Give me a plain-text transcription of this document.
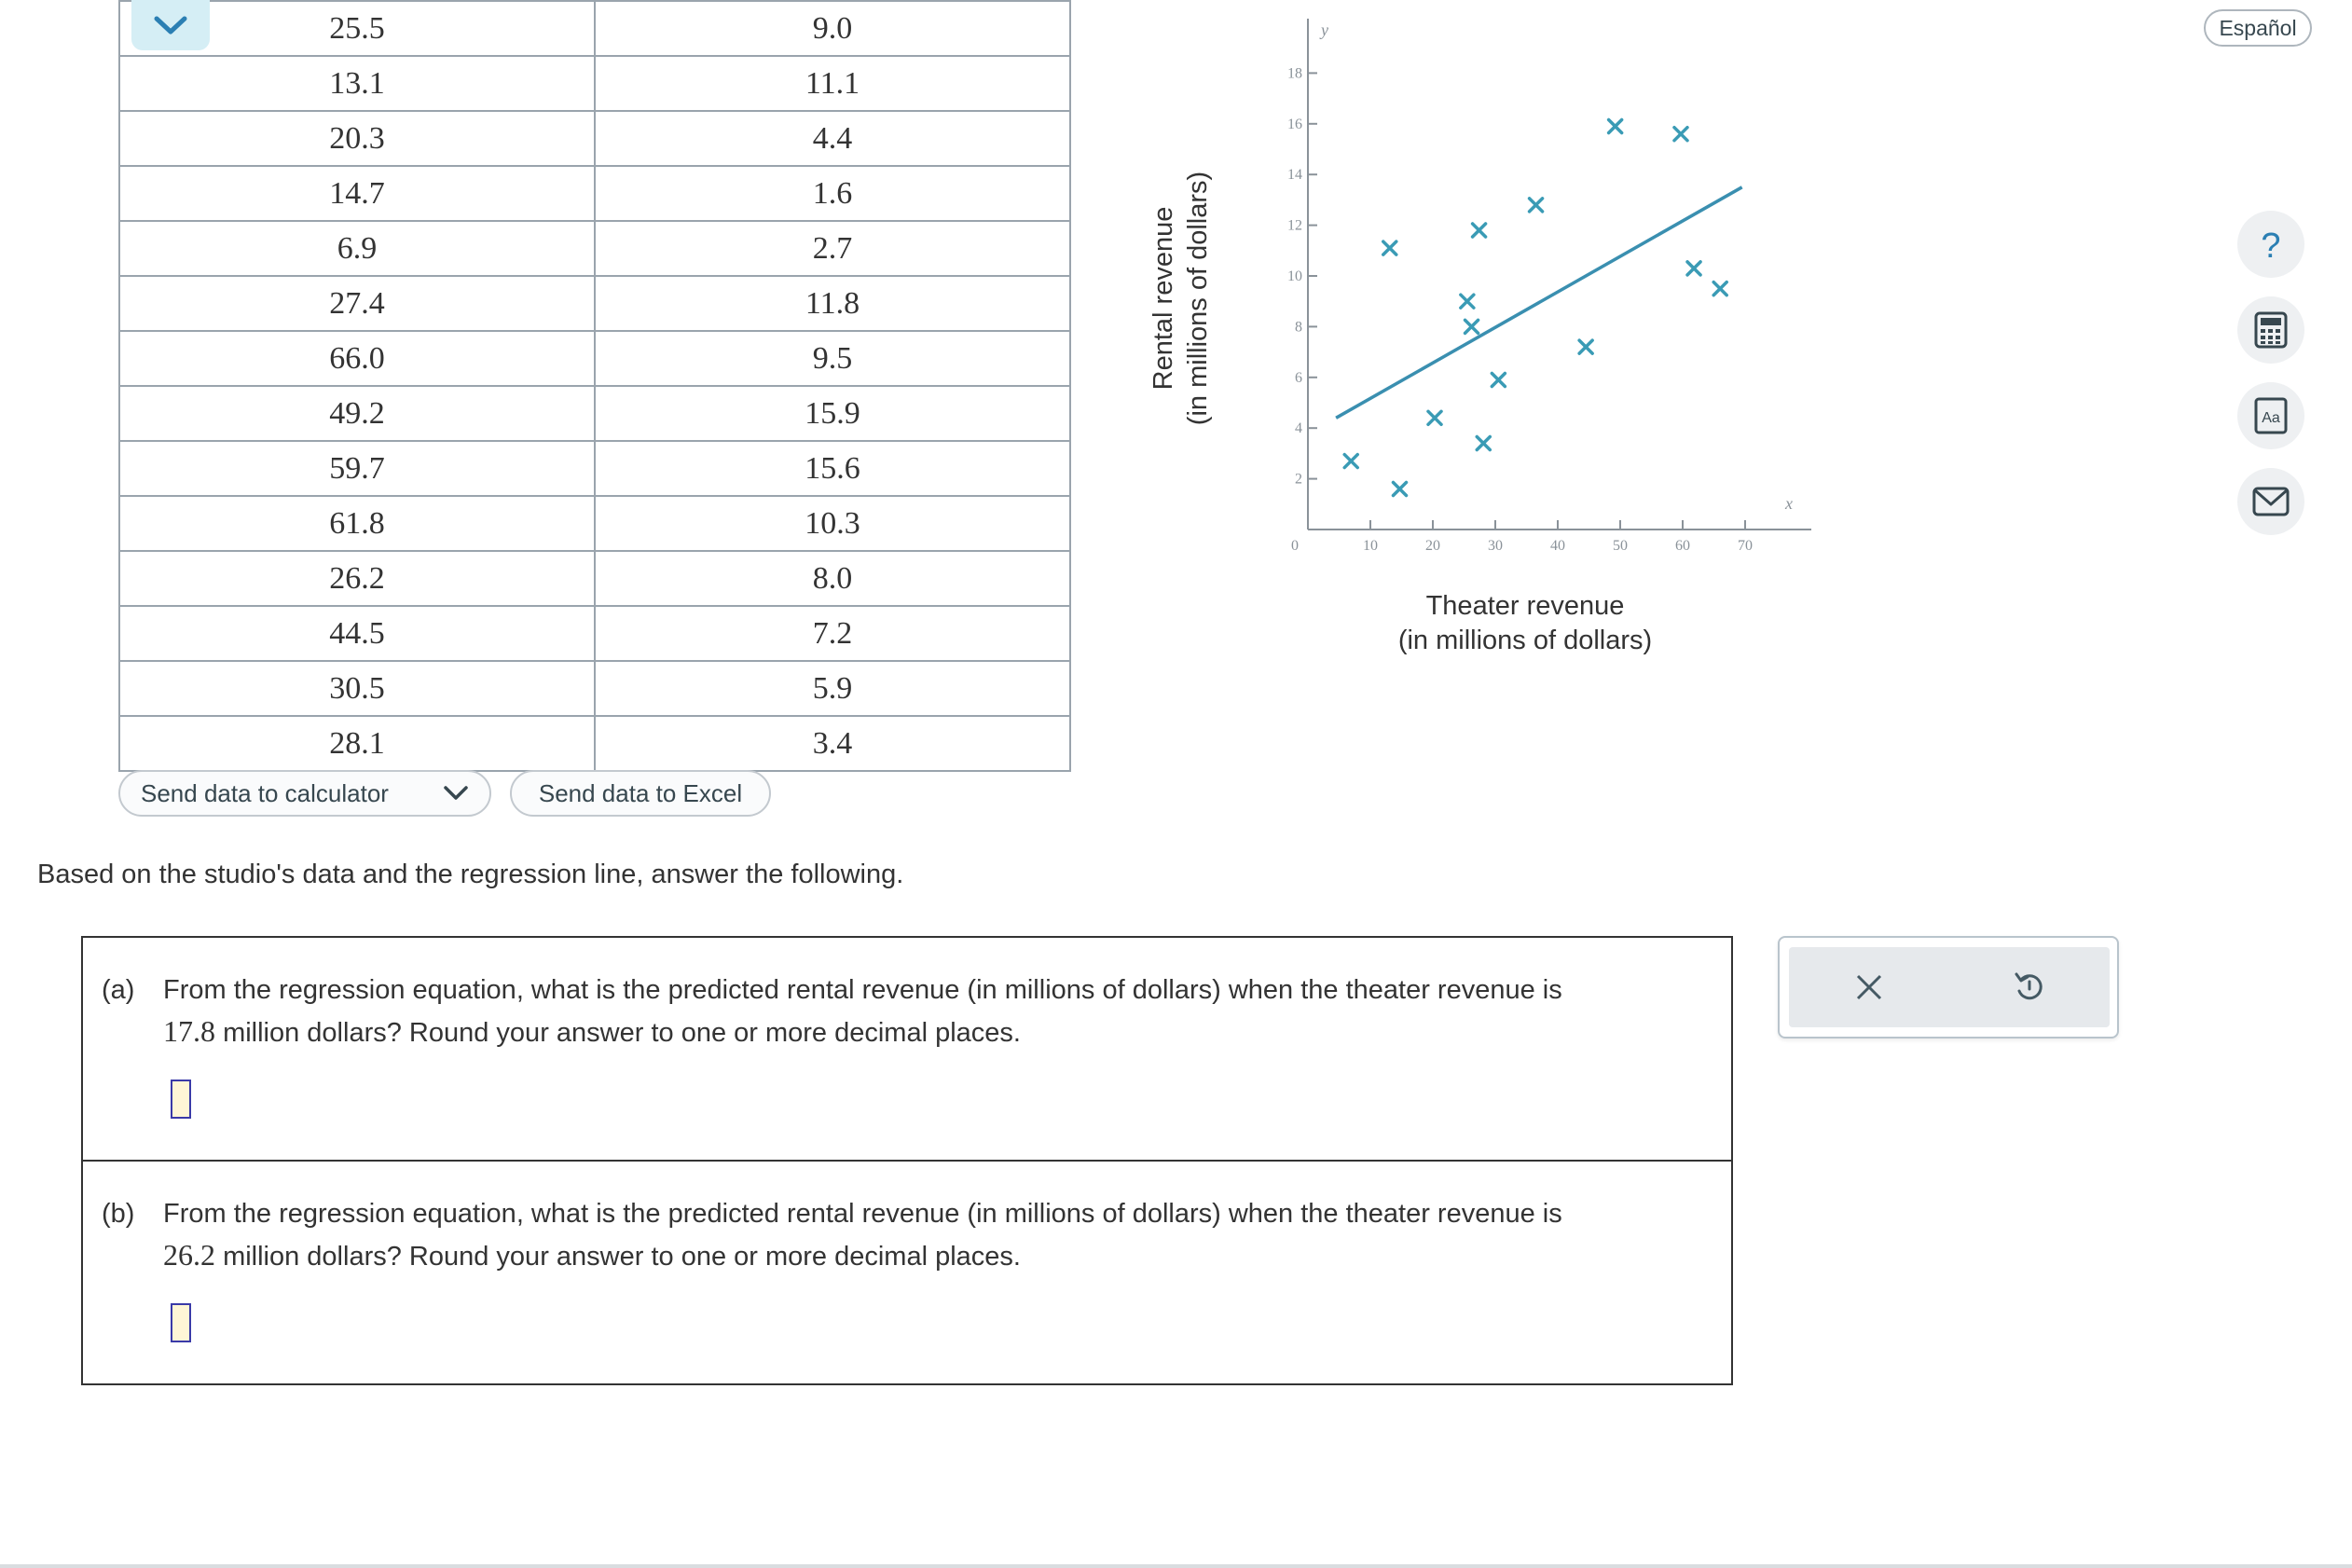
25.5	9.0
13.1	11.1
20.3	4.4
14.7	1.6
6.9	2.7
27.4	11.8
66.0	9.5
49.2	15.9
59.7	15.6
61.8	10.3
26.2	8.0
44.5	7.2
30.5	5.9
28.1	3.4
Send data to calculator	Send data to Excel
2
4
6
8
10
12
14
16
18
0	10	20	30	40	50	60	70
y
x
Rental revenue (in millions of dollars)
Theater revenue
(in millions of dollars)
Based on the studio's data and the regression line, answer the following.
(a) From the regression equation, what is the predicted rental revenue (in millions of dollars) when the theater revenue is
17.8 million dollars? Round your answer to one or more decimal places.
(b) From the regression equation, what is the predicted rental revenue (in millions of dollars) when the theater revenue is
26.2 million dollars? Round your answer to one or more decimal places.
Español
?
Aa
